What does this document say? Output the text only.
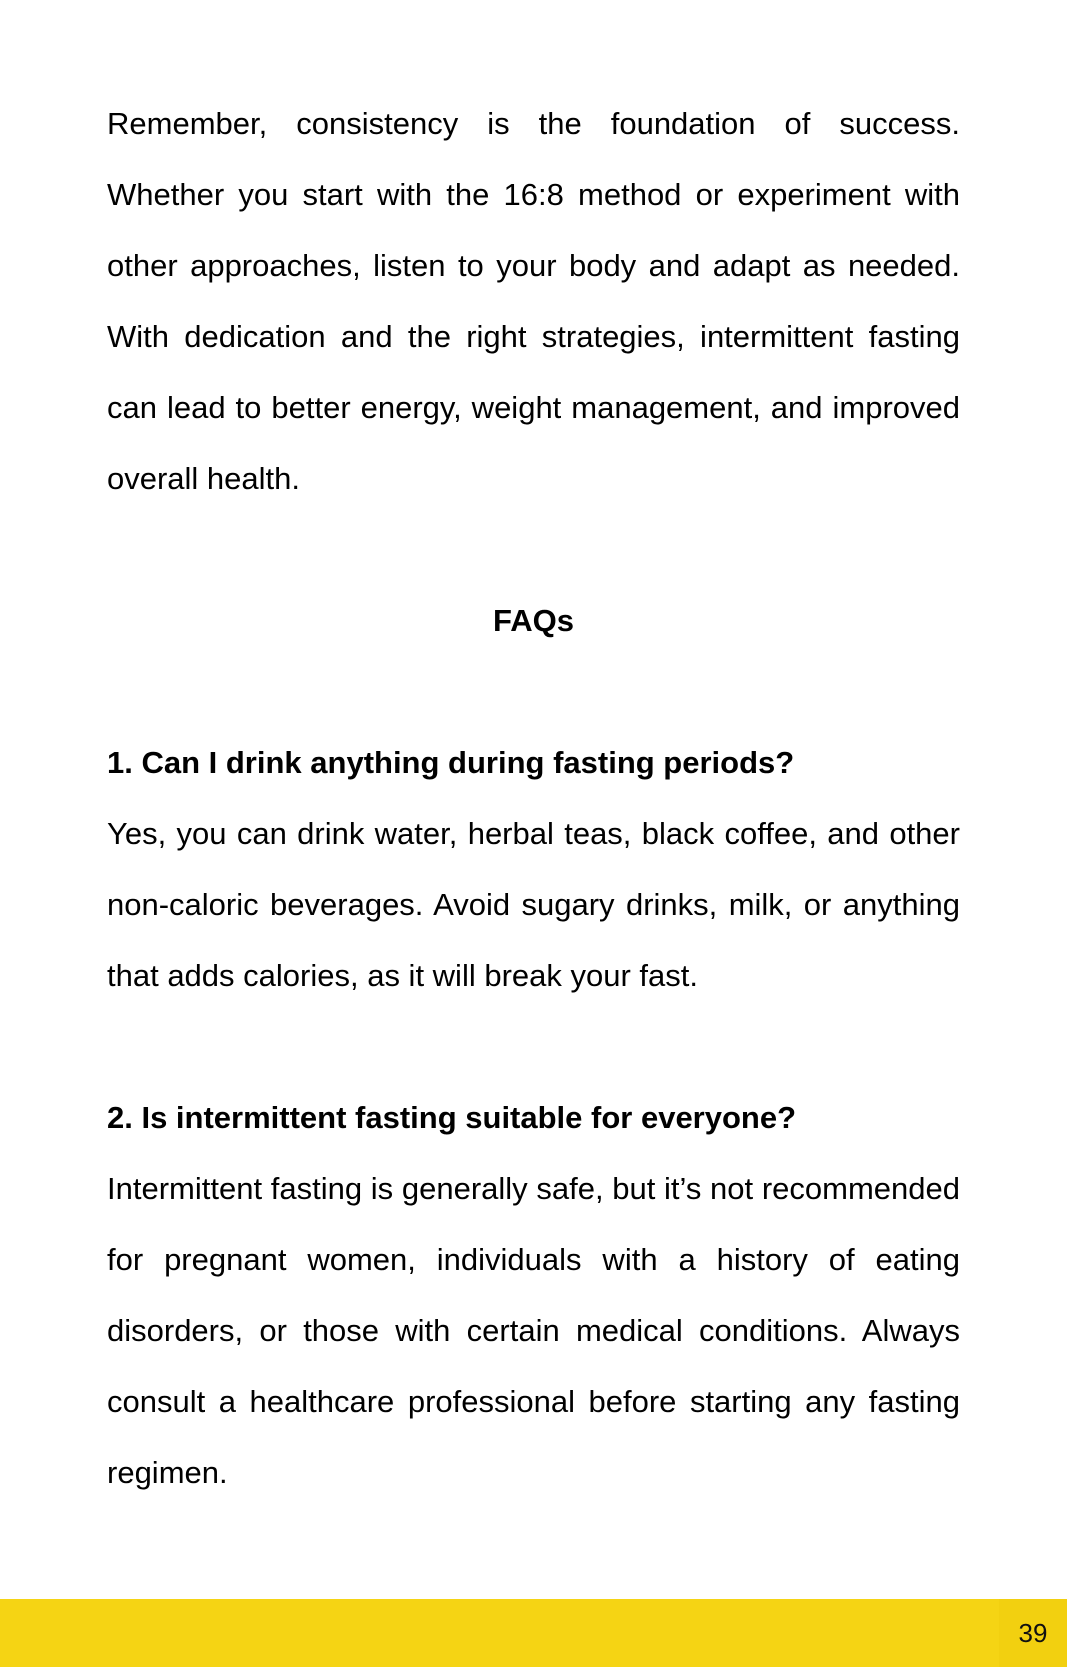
Remember, consistency is the foundation of success. Whether you start with the 16:8 method or experiment with other approaches, listen to your body and adapt as needed. With dedication and the right strategies, intermittent fasting can lead to better energy, weight management, and improved overall health.

FAQs
1. Can I drink anything during fasting periods?

Yes, you can drink water, herbal teas, black coffee, and other non-caloric beverages. Avoid sugary drinks, milk, or anything that adds calories, as it will break your fast.

2. Is intermittent fasting suitable for everyone?

Intermittent fasting is generally safe, but it’s not recommended for pregnant women, individuals with a history of eating disorders, or those with certain medical conditions. Always consult a healthcare professional before starting any fasting regimen.

39
